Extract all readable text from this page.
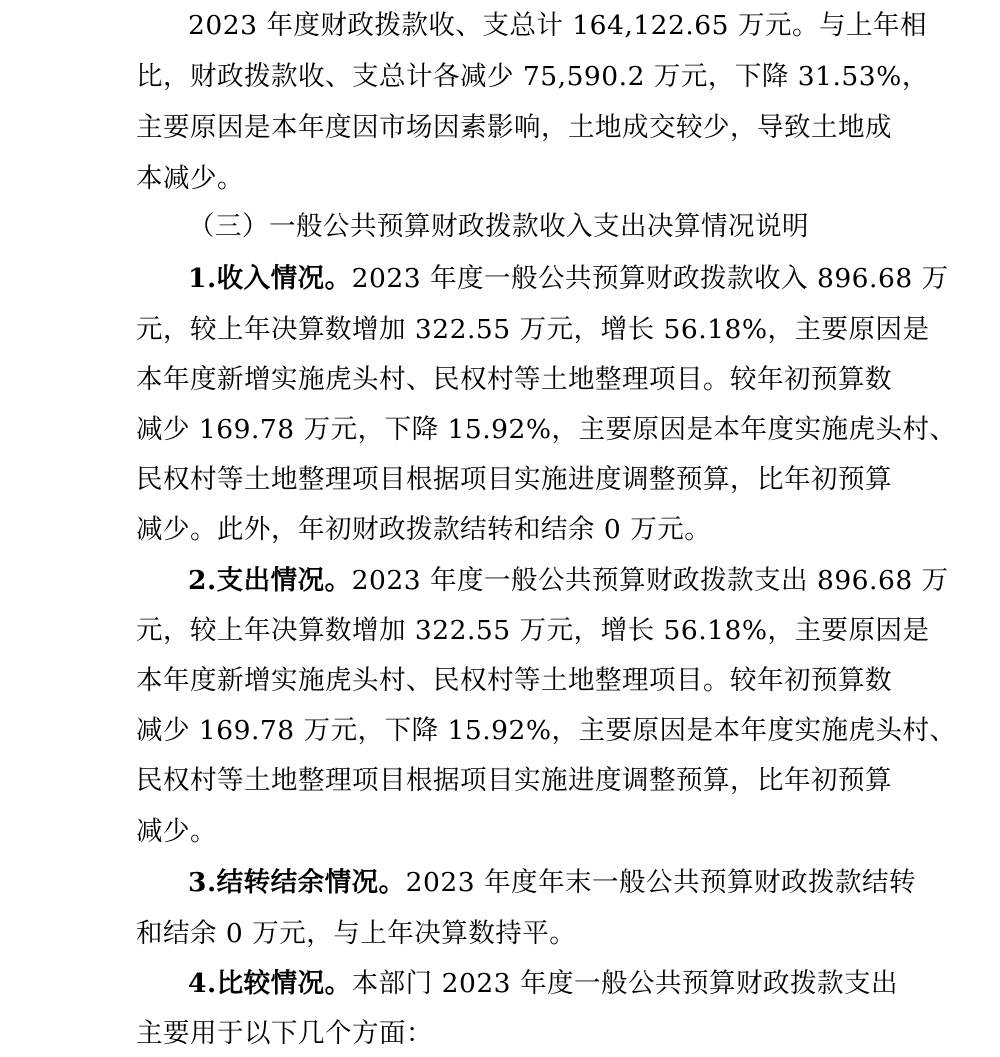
2023 年度财政拨款收、支总计 164,122.65 万元。与上年相
比，财政拨款收、支总计各减少 75,590.2 万元，下降 31.53%，
主要原因是本年度因市场因素影响，土地成交较少，导致土地成
本减少。
（三）一般公共预算财政拨款收入支出决算情况说明
1.收入情况。2023 年度一般公共预算财政拨款收入 896.68 万
元，较上年决算数增加 322.55 万元，增长 56.18%，主要原因是
本年度新增实施虎头村、民权村等土地整理项目。较年初预算数
减少 169.78 万元，下降 15.92%，主要原因是本年度实施虎头村、
民权村等土地整理项目根据项目实施进度调整预算，比年初预算
减少。此外，年初财政拨款结转和结余 0 万元。
2.支出情况。2023 年度一般公共预算财政拨款支出 896.68 万
元，较上年决算数增加 322.55 万元，增长 56.18%，主要原因是
本年度新增实施虎头村、民权村等土地整理项目。较年初预算数
减少 169.78 万元，下降 15.92%，主要原因是本年度实施虎头村、
民权村等土地整理项目根据项目实施进度调整预算，比年初预算
减少。
3.结转结余情况。2023 年度年末一般公共预算财政拨款结转
和结余 0 万元，与上年决算数持平。
4.比较情况。本部门 2023 年度一般公共预算财政拨款支出
主要用于以下几个方面：
